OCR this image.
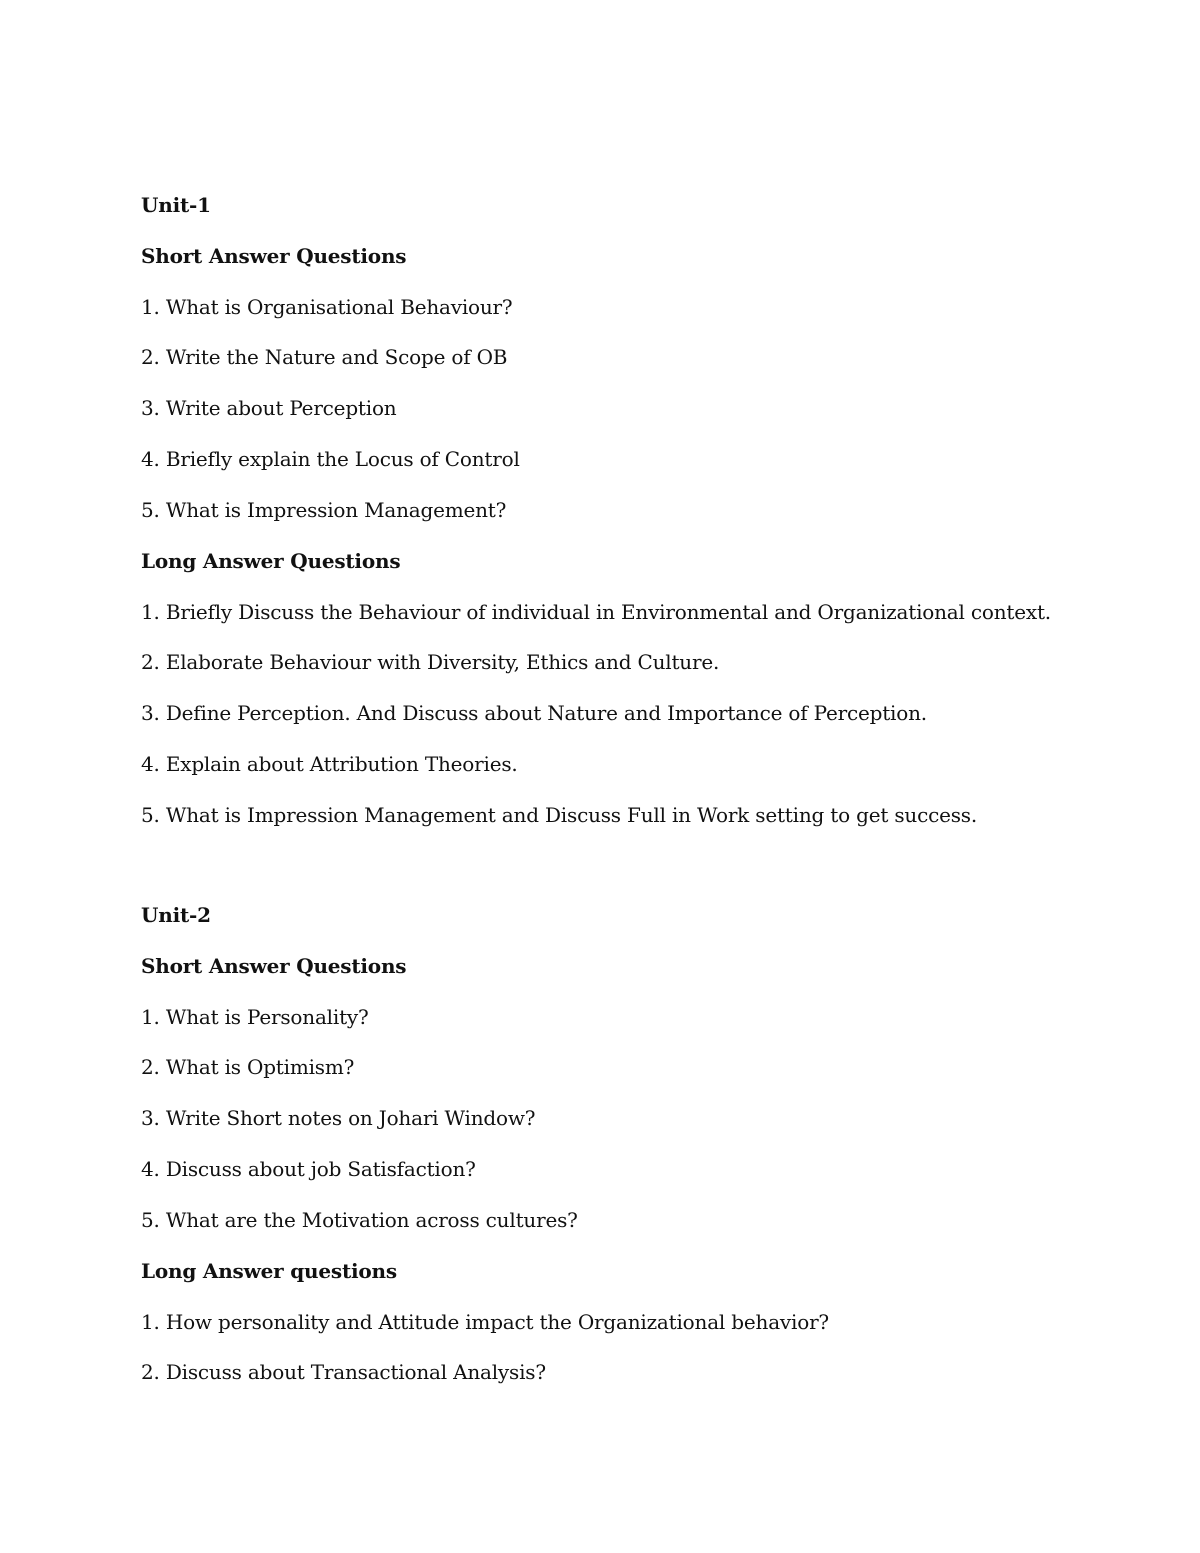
Unit-1
Short Answer Questions
1. What is Organisational Behaviour?
2. Write the Nature and Scope of OB
3. Write about Perception
4. Briefly explain the Locus of Control
5. What is Impression Management?
Long Answer Questions
1. Briefly Discuss the Behaviour of individual in Environmental and Organizational context.
2. Elaborate Behaviour with Diversity, Ethics and Culture.
3. Define Perception. And Discuss about Nature and Importance of Perception.
4. Explain about Attribution Theories.
5. What is Impression Management and Discuss Full in Work setting to get success.
Unit-2
Short Answer Questions
1. What is Personality?
2. What is Optimism?
3. Write Short notes on Johari Window?
4. Discuss about job Satisfaction?
5. What are the Motivation across cultures?
Long Answer questions
1. How personality and Attitude impact the Organizational behavior?
2. Discuss about Transactional Analysis?
